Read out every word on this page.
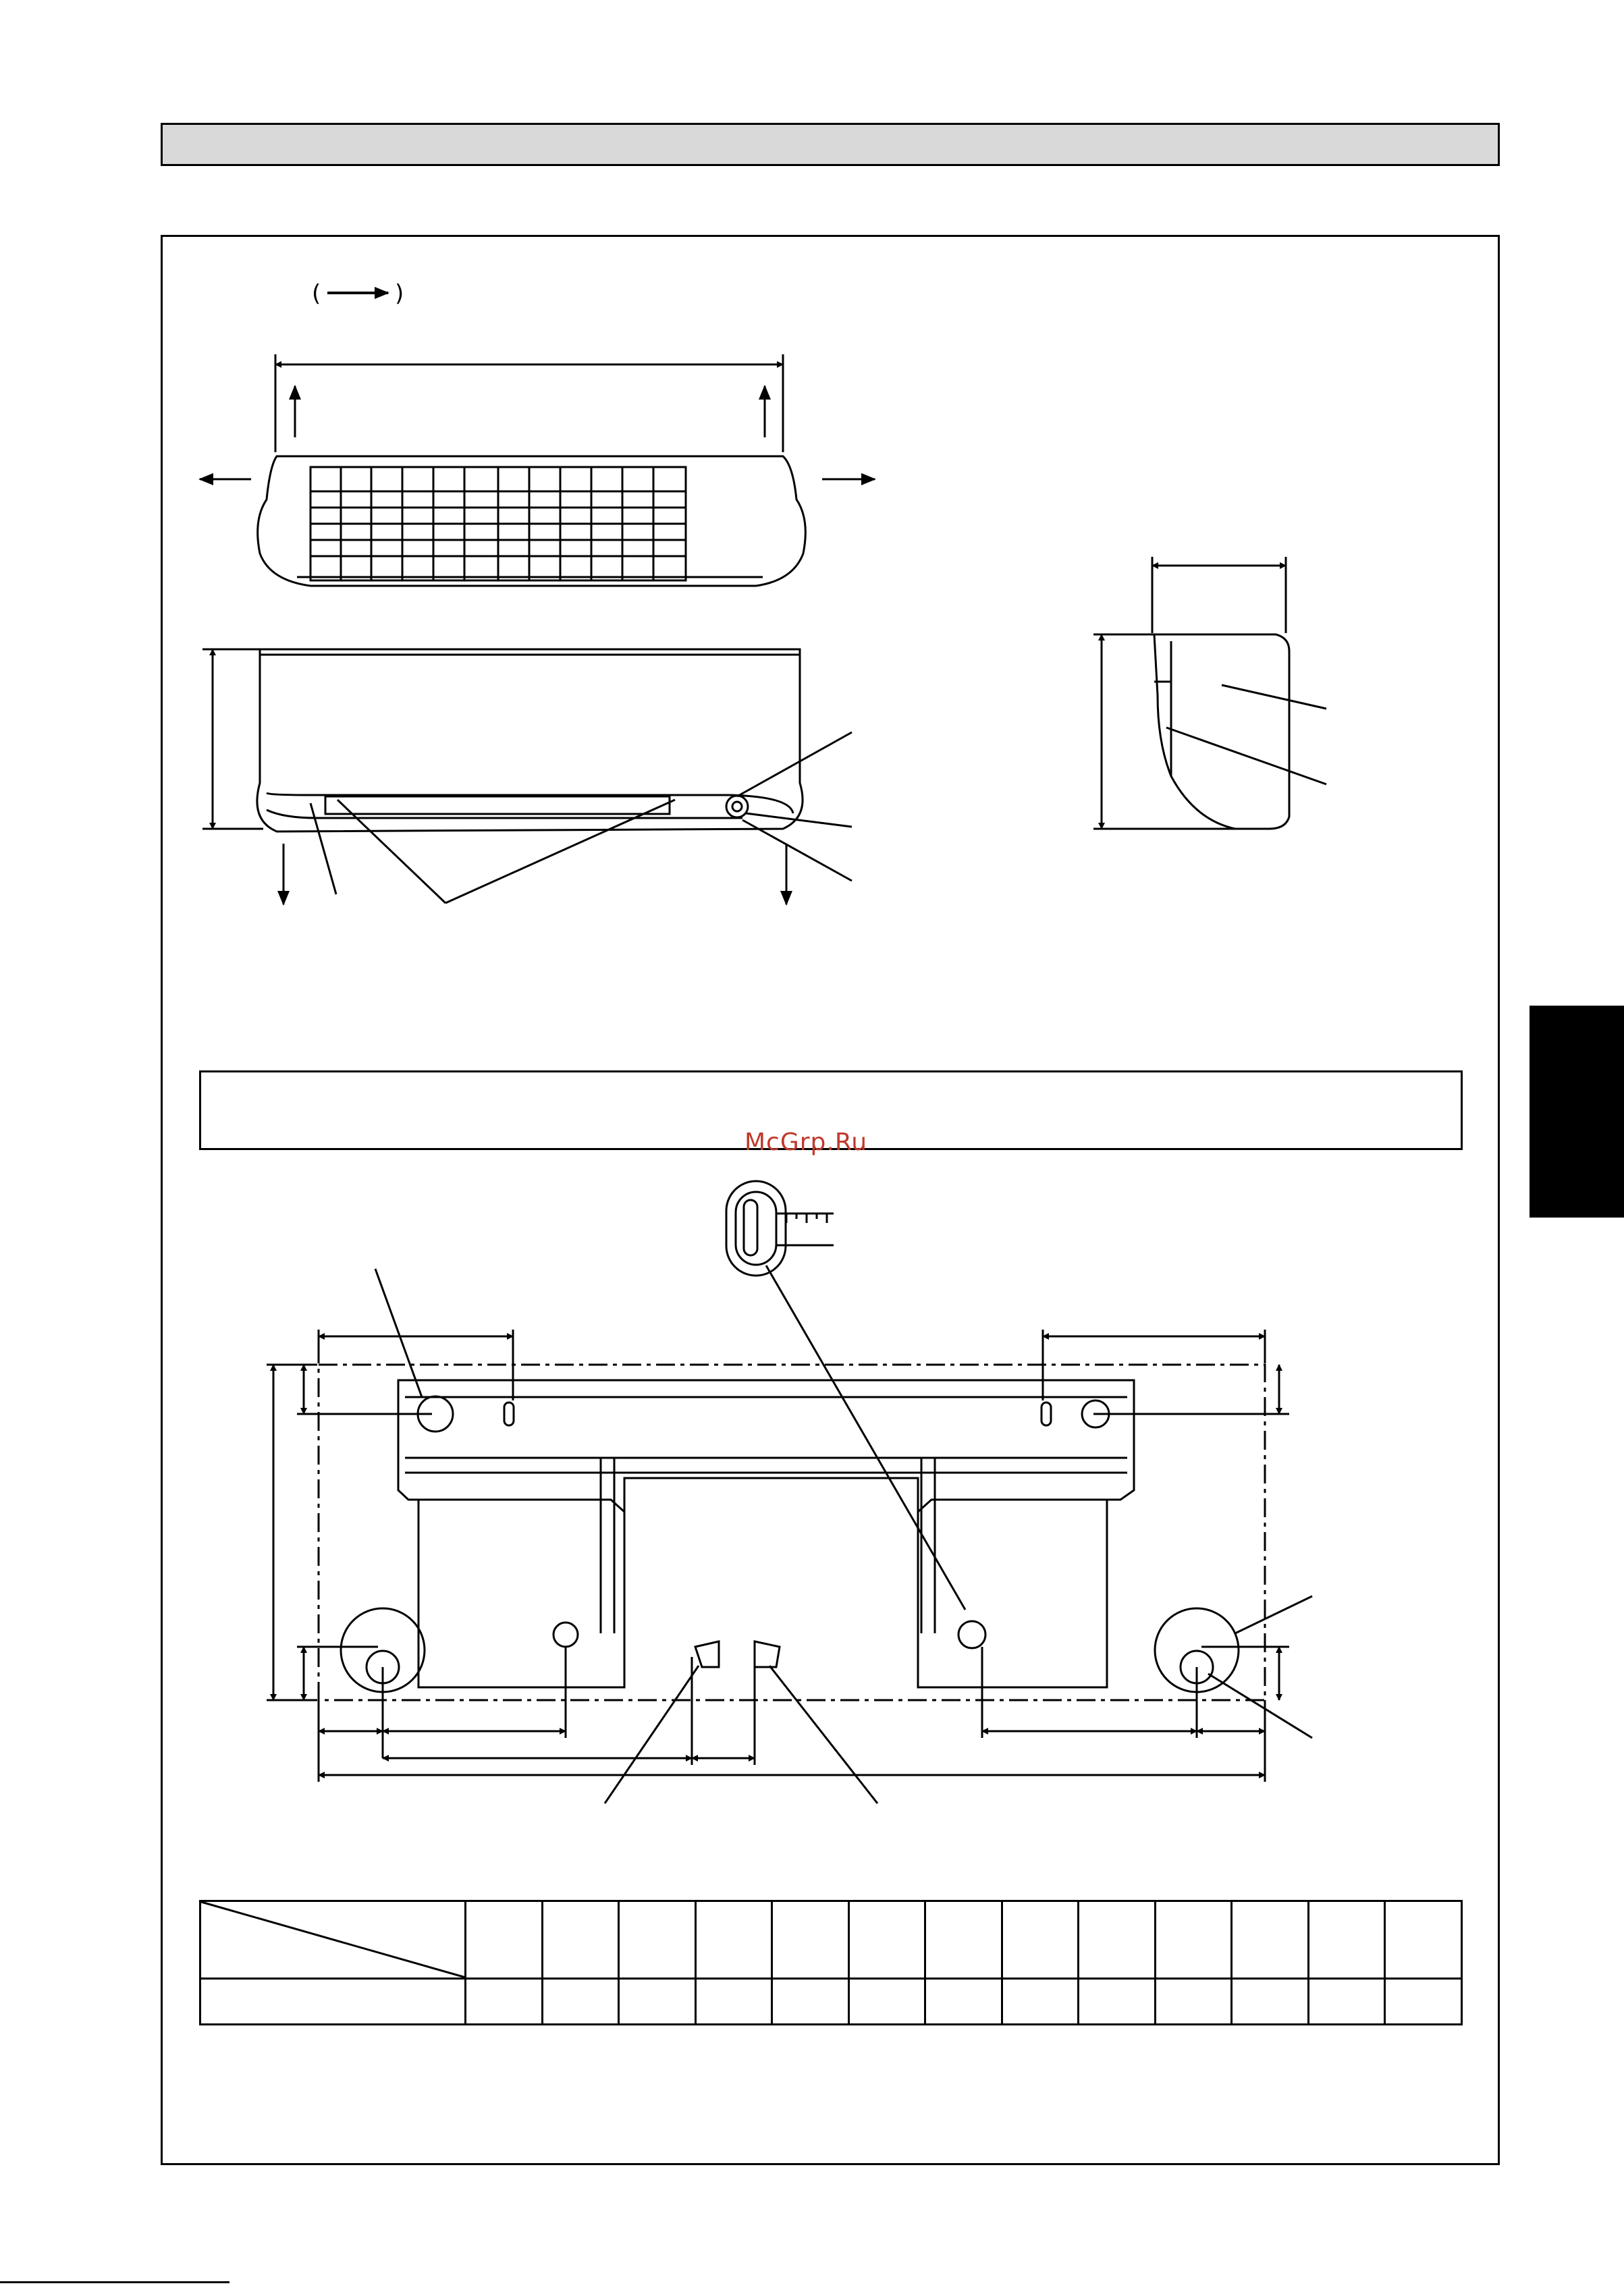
McGrp.Ru
(	)
